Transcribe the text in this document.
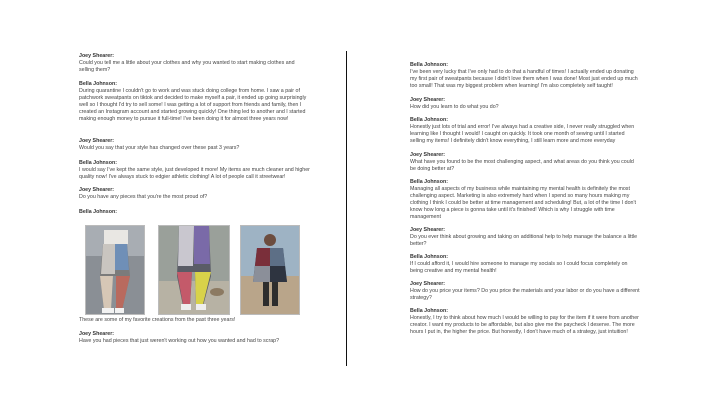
Joey Shearer:
Could you tell me a little about your clothes and why you wanted to start making clothes and selling them?
Bella Johnson:
During quarantine I couldn't go to work and was stuck doing college from home. I saw a pair of patchwork sweatpants on tiktok and decided to make myself a pair, it ended up going surprisingly well so I thought I'd try to sell some! I was getting a lot of support from friends and family, then I created an Instagram account and started growing quickly! One thing led to another and I started making enough money to pursue it full-time! I've been doing it for almost three years now!
Joey Shearer:
Would you say that your style has changed over these past 3 years?
Bella Johnson:
I would say I've kept the same style, just developed it more! My items are much cleaner and higher quality now! I've always stuck to edgier athletic clothing! A lot of people call it streetwear!
Joey Shearer:
Do you have any pieces that you're the most proud of?
Bella Johnson:
These are some of my favorite creations from the past three years!
Joey Shearer:
Have you had pieces that just weren't working out how you wanted and had to scrap?
Bella Johnson:
I've been very lucky that I've only had to do that a handful of times! I actually ended up donating my first pair of sweatpants because I didn't love them when I was done! Most just ended up much too small! That was my biggest problem when learning! I'm also completely self taught!
Joey Shearer:
How did you learn to do what you do?
Bella Johnson:
Honestly just lots of trial and error! I've always had a creative side, I never really struggled when learning like I thought I would! I caught on quickly. It took one month of sewing until I started selling my items! I definitely didn't know everything, I still learn more and more everyday
Joey Shearer:
What have you found to be the most challenging aspect, and what areas do you think you could be doing better at?
Bella Johnson:
Managing all aspects of my business while maintaining my mental health is definitely the most challenging aspect. Marketing is also extremely hard when I spend so many hours making my clothing I think I could be better at time management and scheduling! But, a lot of the time I don't know how long a piece is gonna take until it's finished! Which is why I struggle with time management
Joey Shearer:
Do you ever think about growing and taking on additional help to help manage the balance a little better?
Bella Johnson:
If I could afford it, I would hire someone to manage my socials so I could focus completely on being creative and my mental health!
Joey Shearer:
How do you price your items? Do you price the materials and your labor or do you have a different strategy?
Bella Johnson:
Honestly, I try to think about how much I would be willing to pay for the item if it were from another creator. I want my products to be affordable, but also give me the paycheck I deserve. The more hours I put in, the higher the price. But honestly, I don't have much of a strategy, just intuition!
